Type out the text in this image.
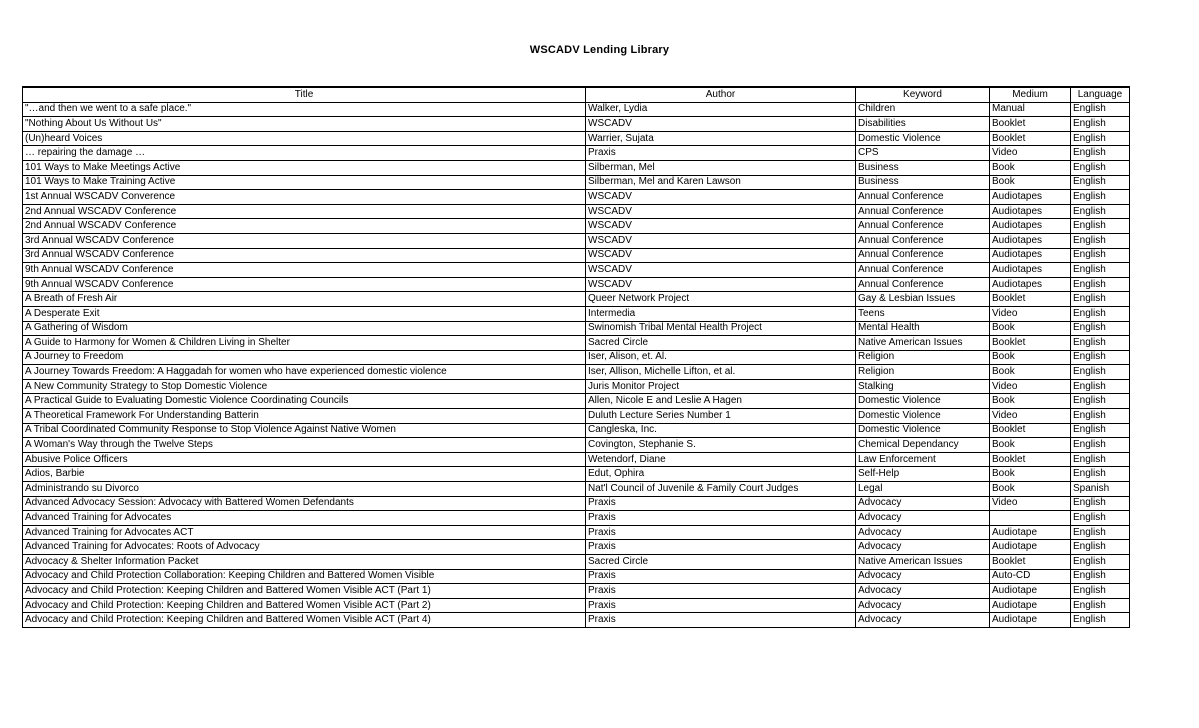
WSCADV Lending Library
Title	Author	Keyword	Medium	Language
"…and then we went to a safe place."	Walker, Lydia	Children	Manual	English
"Nothing About Us Without Us"	WSCADV	Disabilities	Booklet	English
(Un)heard Voices	Warrier, Sujata	Domestic Violence	Booklet	English
… repairing the damage …	Praxis	CPS	Video	English
101 Ways to Make Meetings Active	Silberman, Mel	Business	Book	English
101 Ways to Make Training Active	Silberman, Mel and Karen Lawson	Business	Book	English
1st Annual WSCADV Converence	WSCADV	Annual Conference	Audiotapes	English
2nd Annual WSCADV Conference	WSCADV	Annual Conference	Audiotapes	English
2nd Annual WSCADV Conference	WSCADV	Annual Conference	Audiotapes	English
3rd Annual WSCADV Conference	WSCADV	Annual Conference	Audiotapes	English
3rd Annual WSCADV Conference	WSCADV	Annual Conference	Audiotapes	English
9th Annual WSCADV Conference	WSCADV	Annual Conference	Audiotapes	English
9th Annual WSCADV Conference	WSCADV	Annual Conference	Audiotapes	English
A Breath of Fresh Air	Queer Network Project	Gay & Lesbian Issues	Booklet	English
A Desperate Exit	Intermedia	Teens	Video	English
A Gathering of Wisdom	Swinomish Tribal Mental Health Project	Mental Health	Book	English
A Guide to Harmony for Women & Children Living in Shelter	Sacred Circle	Native American Issues	Booklet	English
A Journey to Freedom	Iser, Alison, et. Al.	Religion	Book	English
A Journey Towards Freedom: A Haggadah for women who have experienced domestic violence	Iser, Allison, Michelle Lifton, et al.	Religion	Book	English
A New Community Strategy to Stop Domestic Violence	Juris Monitor Project	Stalking	Video	English
A Practical Guide to Evaluating Domestic Violence Coordinating Councils	Allen, Nicole E and Leslie A Hagen	Domestic Violence	Book	English
A Theoretical Framework For Understanding Batterin	Duluth Lecture Series Number 1	Domestic Violence	Video	English
A Tribal Coordinated Community Response to Stop Violence Against Native Women	Cangleska, Inc.	Domestic Violence	Booklet	English
A Woman's Way through the Twelve Steps	Covington, Stephanie S.	Chemical Dependancy	Book	English
Abusive Police Officers	Wetendorf, Diane	Law Enforcement	Booklet	English
Adios, Barbie	Edut, Ophira	Self-Help	Book	English
Administrando su Divorco	Nat'l Council of Juvenile & Family Court Judges	Legal	Book	Spanish
Advanced Advocacy Session: Advocacy with Battered Women Defendants	Praxis	Advocacy	Video	English
Advanced Training for Advocates	Praxis	Advocacy		English
Advanced Training for Advocates ACT	Praxis	Advocacy	Audiotape	English
Advanced Training for Advocates: Roots of Advocacy	Praxis	Advocacy	Audiotape	English
Advocacy & Shelter Information Packet	Sacred Circle	Native American Issues	Booklet	English
Advocacy and Child Protection Collaboration: Keeping Children and Battered Women Visible	Praxis	Advocacy	Auto-CD	English
Advocacy and Child Protection: Keeping Children and Battered Women Visible ACT (Part 1)	Praxis	Advocacy	Audiotape	English
Advocacy and Child Protection: Keeping Children and Battered Women Visible ACT (Part 2)	Praxis	Advocacy	Audiotape	English
Advocacy and Child Protection: Keeping Children and Battered Women Visible ACT (Part 4)	Praxis	Advocacy	Audiotape	English
